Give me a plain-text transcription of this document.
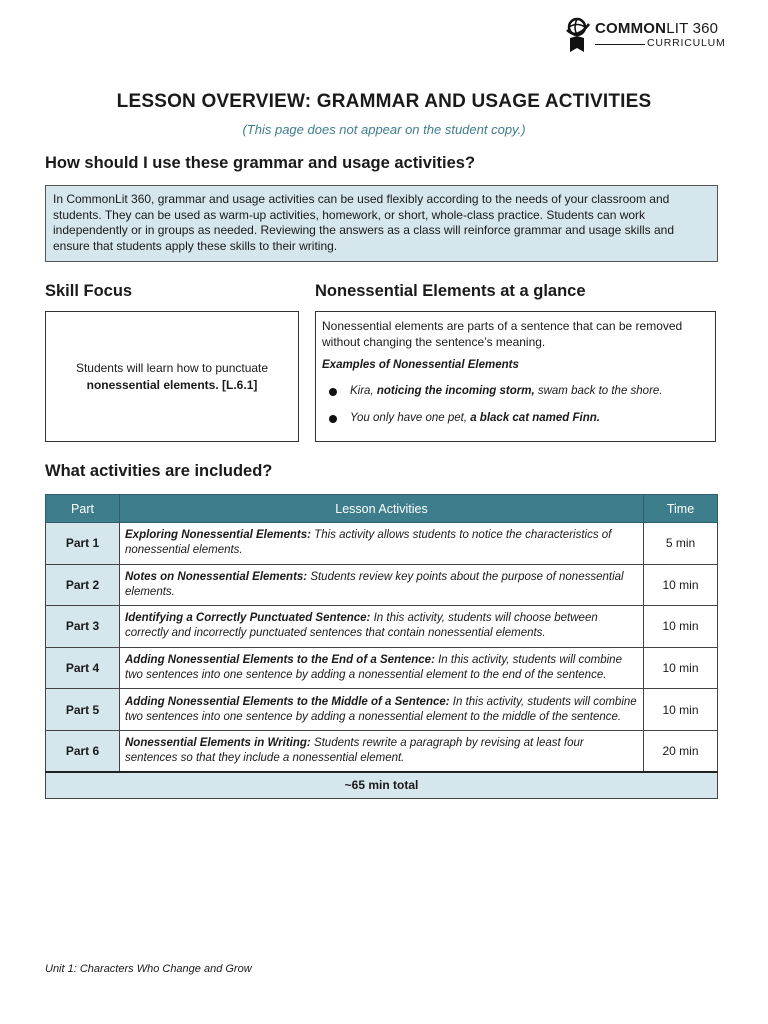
COMMONLIT 360
CURRICULUM
LESSON OVERVIEW: GRAMMAR AND USAGE ACTIVITIES
(This page does not appear on the student copy.)
How should I use these grammar and usage activities?
In CommonLit 360, grammar and usage activities can be used flexibly according to the needs of your classroom and students. They can be used as warm-up activities, homework, or short, whole-class practice. Students can work independently or in groups as needed. Reviewing the answers as a class will reinforce grammar and usage skills and ensure that students apply these skills to their writing.
Skill Focus
Students will learn how to punctuate
nonessential elements. [L.6.1]
Nonessential Elements at a glance
Nonessential elements are parts of a sentence that can be removed without changing the sentence’s meaning.
Examples of Nonessential Elements
Kira, noticing the incoming storm, swam back to the shore.
You only have one pet, a black cat named Finn.
What activities are included?
Part	Lesson Activities	Time
Part 1	Exploring Nonessential Elements: This activity allows students to notice the characteristics of nonessential elements.	5 min
Part 2	Notes on Nonessential Elements: Students review key points about the purpose of nonessential elements.	10 min
Part 3	Identifying a Correctly Punctuated Sentence: In this activity, students will choose between correctly and incorrectly punctuated sentences that contain nonessential elements.	10 min
Part 4	Adding Nonessential Elements to the End of a Sentence: In this activity, students will combine two sentences into one sentence by adding a nonessential element to the end of the sentence.	10 min
Part 5	Adding Nonessential Elements to the Middle of a Sentence: In this activity, students will combine two sentences into one sentence by adding a nonessential element to the middle of the sentence.	10 min
Part 6	Nonessential Elements in Writing: Students rewrite a paragraph by revising at least four sentences so that they include a nonessential element.	20 min
~65 min total		
Unit 1: Characters Who Change and Grow
